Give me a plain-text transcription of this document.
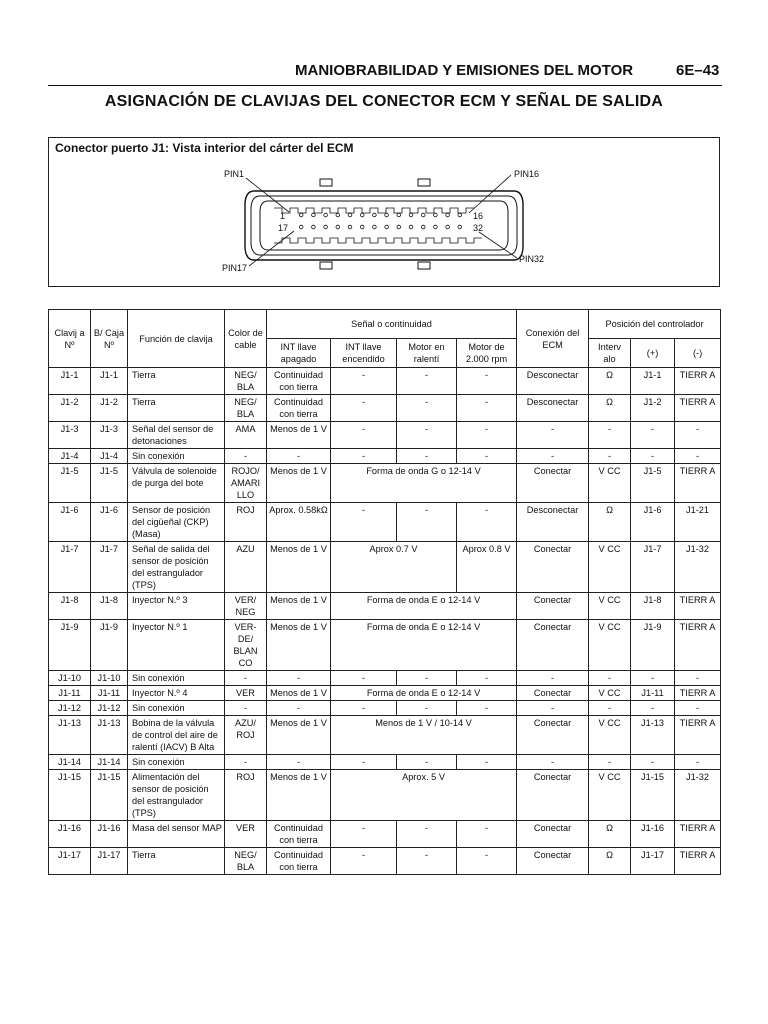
MANIOBRABILIDAD Y EMISIONES DEL MOTOR	6E–43
ASIGNACIÓN DE CLAVIJAS DEL CONECTOR ECM Y SEÑAL DE SALIDA
Conector puerto J1: Vista interior del cárter del ECM
1	16
17	32
PIN1	PIN16
PIN17
PIN32
Clavij a Nº	B/ Caja Nº	Función de clavija	Color de cable	Señal o continuidad				Conexión del ECM	Posición del controlador		
				INT llave apagado	INT llave encendido	Motor en ralentí	Motor de 2.000 rpm		Interv alo	(+)	(-)
J1-1	J1-1	Tierra	NEG/ BLA	Continuidad con tierra	-	-	-	Desconectar	Ω	J1-1	TIERR A
J1-2	J1-2	Tierra	NEG/ BLA	Continuidad con tierra	-	-	-	Desconectar	Ω	J1-2	TIERR A
J1-3	J1-3	Señal del sensor de detonaciones	AMA	Menos de 1 V	-	-	-	-	-	-	-
J1-4	J1-4	Sin conexión	-	-	-	-	-	-	-	-	-
J1-5	J1-5	Válvula de solenoide de purga del bote	ROJO/ AMARI LLO	Menos de 1 V	Forma de onda G o 12-14 V			Conectar	V CC	J1-5	TIERR A
J1-6	J1-6	Sensor de posición del cigüeñal (CKP) (Masa)	ROJ	Aprox. 0.58kΩ	-	-	-	Desconectar	Ω	J1-6	J1-21
J1-7	J1-7	Señal de salida del sensor de posición del estrangulador (TPS)	AZU	Menos de 1 V	Aprox 0.7 V		Aprox 0.8 V	Conectar	V CC	J1-7	J1-32
J1-8	J1-8	Inyector N.º 3	VER/ NEG	Menos de 1 V	Forma de onda E o 12-14 V			Conectar	V CC	J1-8	TIERR A
J1-9	J1-9	Inyector N.º 1	VER- DE/ BLAN CO	Menos de 1 V	Forma de onda E o 12-14 V			Conectar	V CC	J1-9	TIERR A
J1-10	J1-10	Sin conexión	-	-	-	-	-	-	-	-	-
J1-11	J1-11	Inyector N.º 4	VER	Menos de 1 V	Forma de onda E o 12-14 V			Conectar	V CC	J1-11	TIERR A
J1-12	J1-12	Sin conexión	-	-	-	-	-	-	-	-	-
J1-13	J1-13	Bobina de la válvula de control del aire de ralentí (IACV) B Alta	AZU/ ROJ	Menos de 1 V	Menos de 1 V / 10-14 V			Conectar	V CC	J1-13	TIERR A
J1-14	J1-14	Sin conexión	-	-	-	-	-	-	-	-	-
J1-15	J1-15	Alimentación del sensor de posición del estrangulador (TPS)	ROJ	Menos de 1 V	Aprox. 5 V			Conectar	V CC	J1-15	J1-32
J1-16	J1-16	Masa del sensor MAP	VER	Continuidad con tierra	-	-	-	Conectar	Ω	J1-16	TIERR A
J1-17	J1-17	Tierra	NEG/ BLA	Continuidad con tierra	-	-	-	Conectar	Ω	J1-17	TIERR A
